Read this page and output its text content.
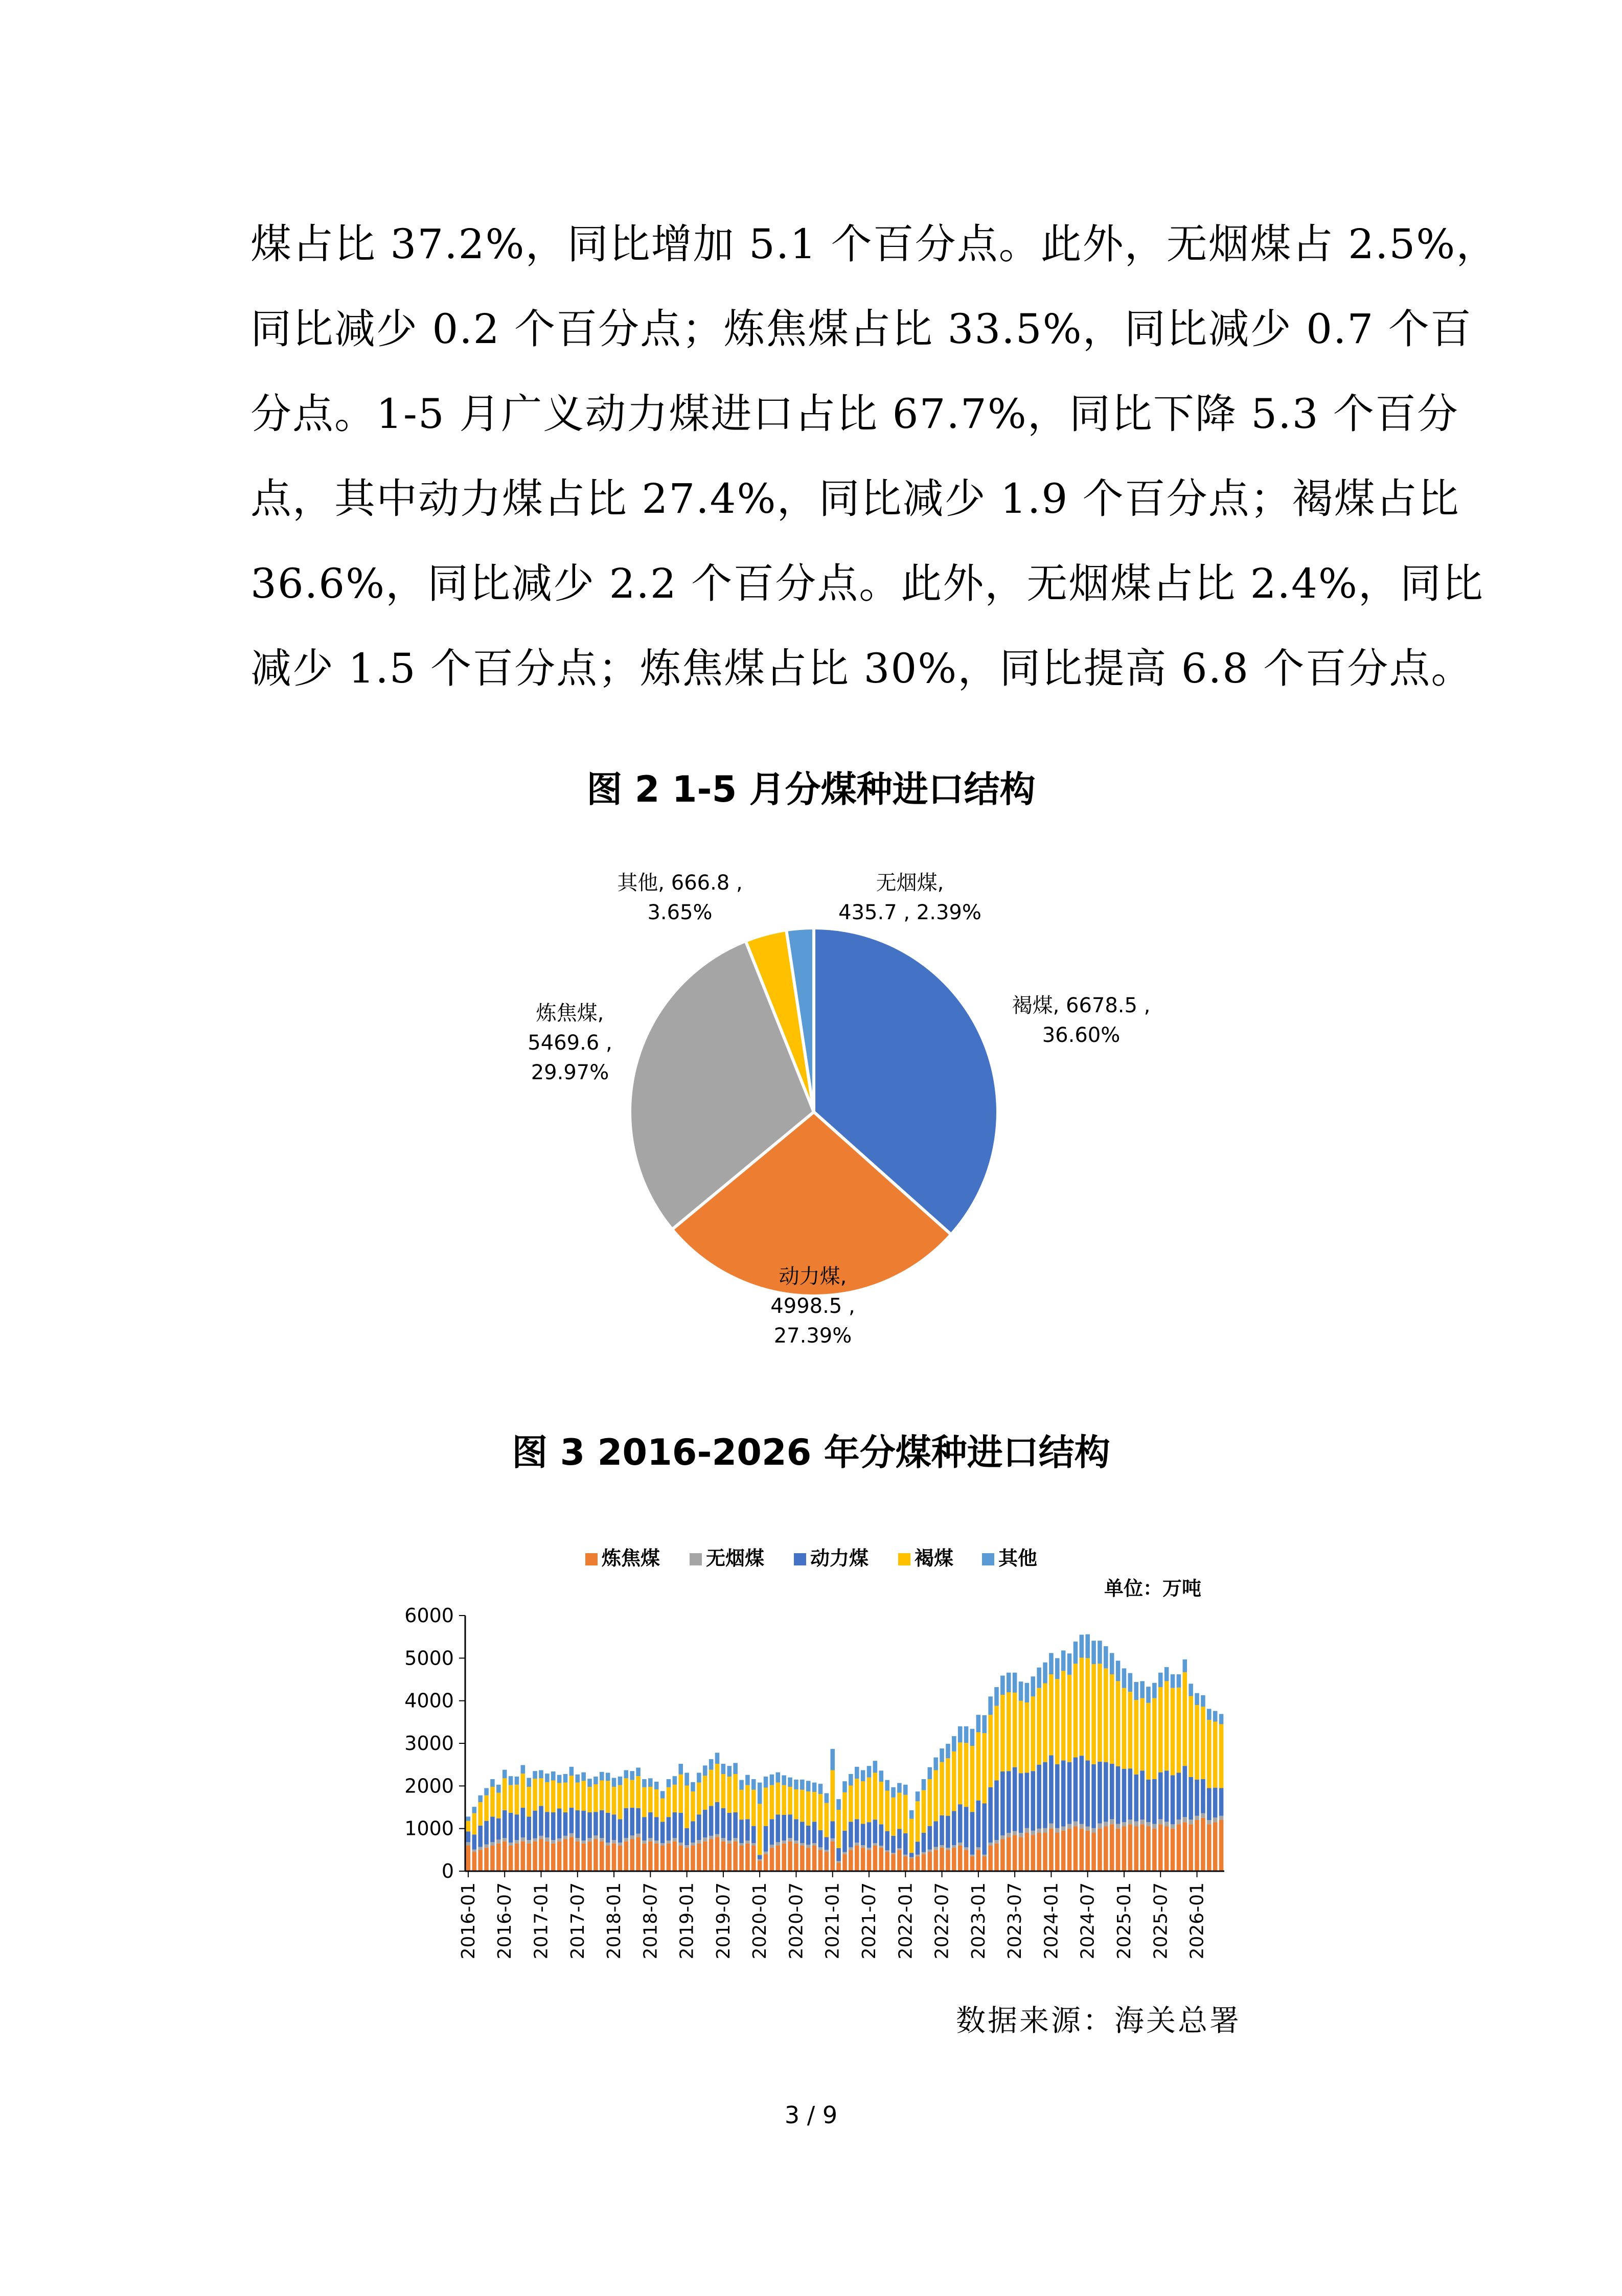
煤占比 37.2%，同比增加 5.1 个百分点。此外，无烟煤占 2.5%，
同比减少 0.2 个百分点；炼焦煤占比 33.5%，同比减少 0.7 个百
分点。1-5 月广义动力煤进口占比 67.7%，同比下降 5.3 个百分
点，其中动力煤占比 27.4%，同比减少 1.9 个百分点；褐煤占比
36.6%，同比减少 2.2 个百分点。此外，无烟煤占比 2.4%，同比
减少 1.5 个百分点；炼焦煤占比 30%，同比提高 6.8 个百分点。
图 2 1-5 月分煤种进口结构
褐煤, 6678.5 , 36.60%
动力煤, 4998.5 , 27.39%
炼焦煤, 5469.6 , 29.97%
其他, 666.8 , 3.65%
无烟煤, 435.7 , 2.39%
图 3 2016-2026 年分煤种进口结构
炼焦煤 无烟煤 动力煤 褐煤 其他
单位：万吨
0
1000
2000
3000
4000
5000
6000
2016-01 2016-07 2017-01 2017-07 2018-01 2018-07 2019-01 2019-07 2020-01 2020-07 2021-01 2021-07 2022-01 2022-07 2023-01 2023-07 2024-01 2024-07 2025-01 2025-07 2026-01
数据来源：海关总署
3 / 9
